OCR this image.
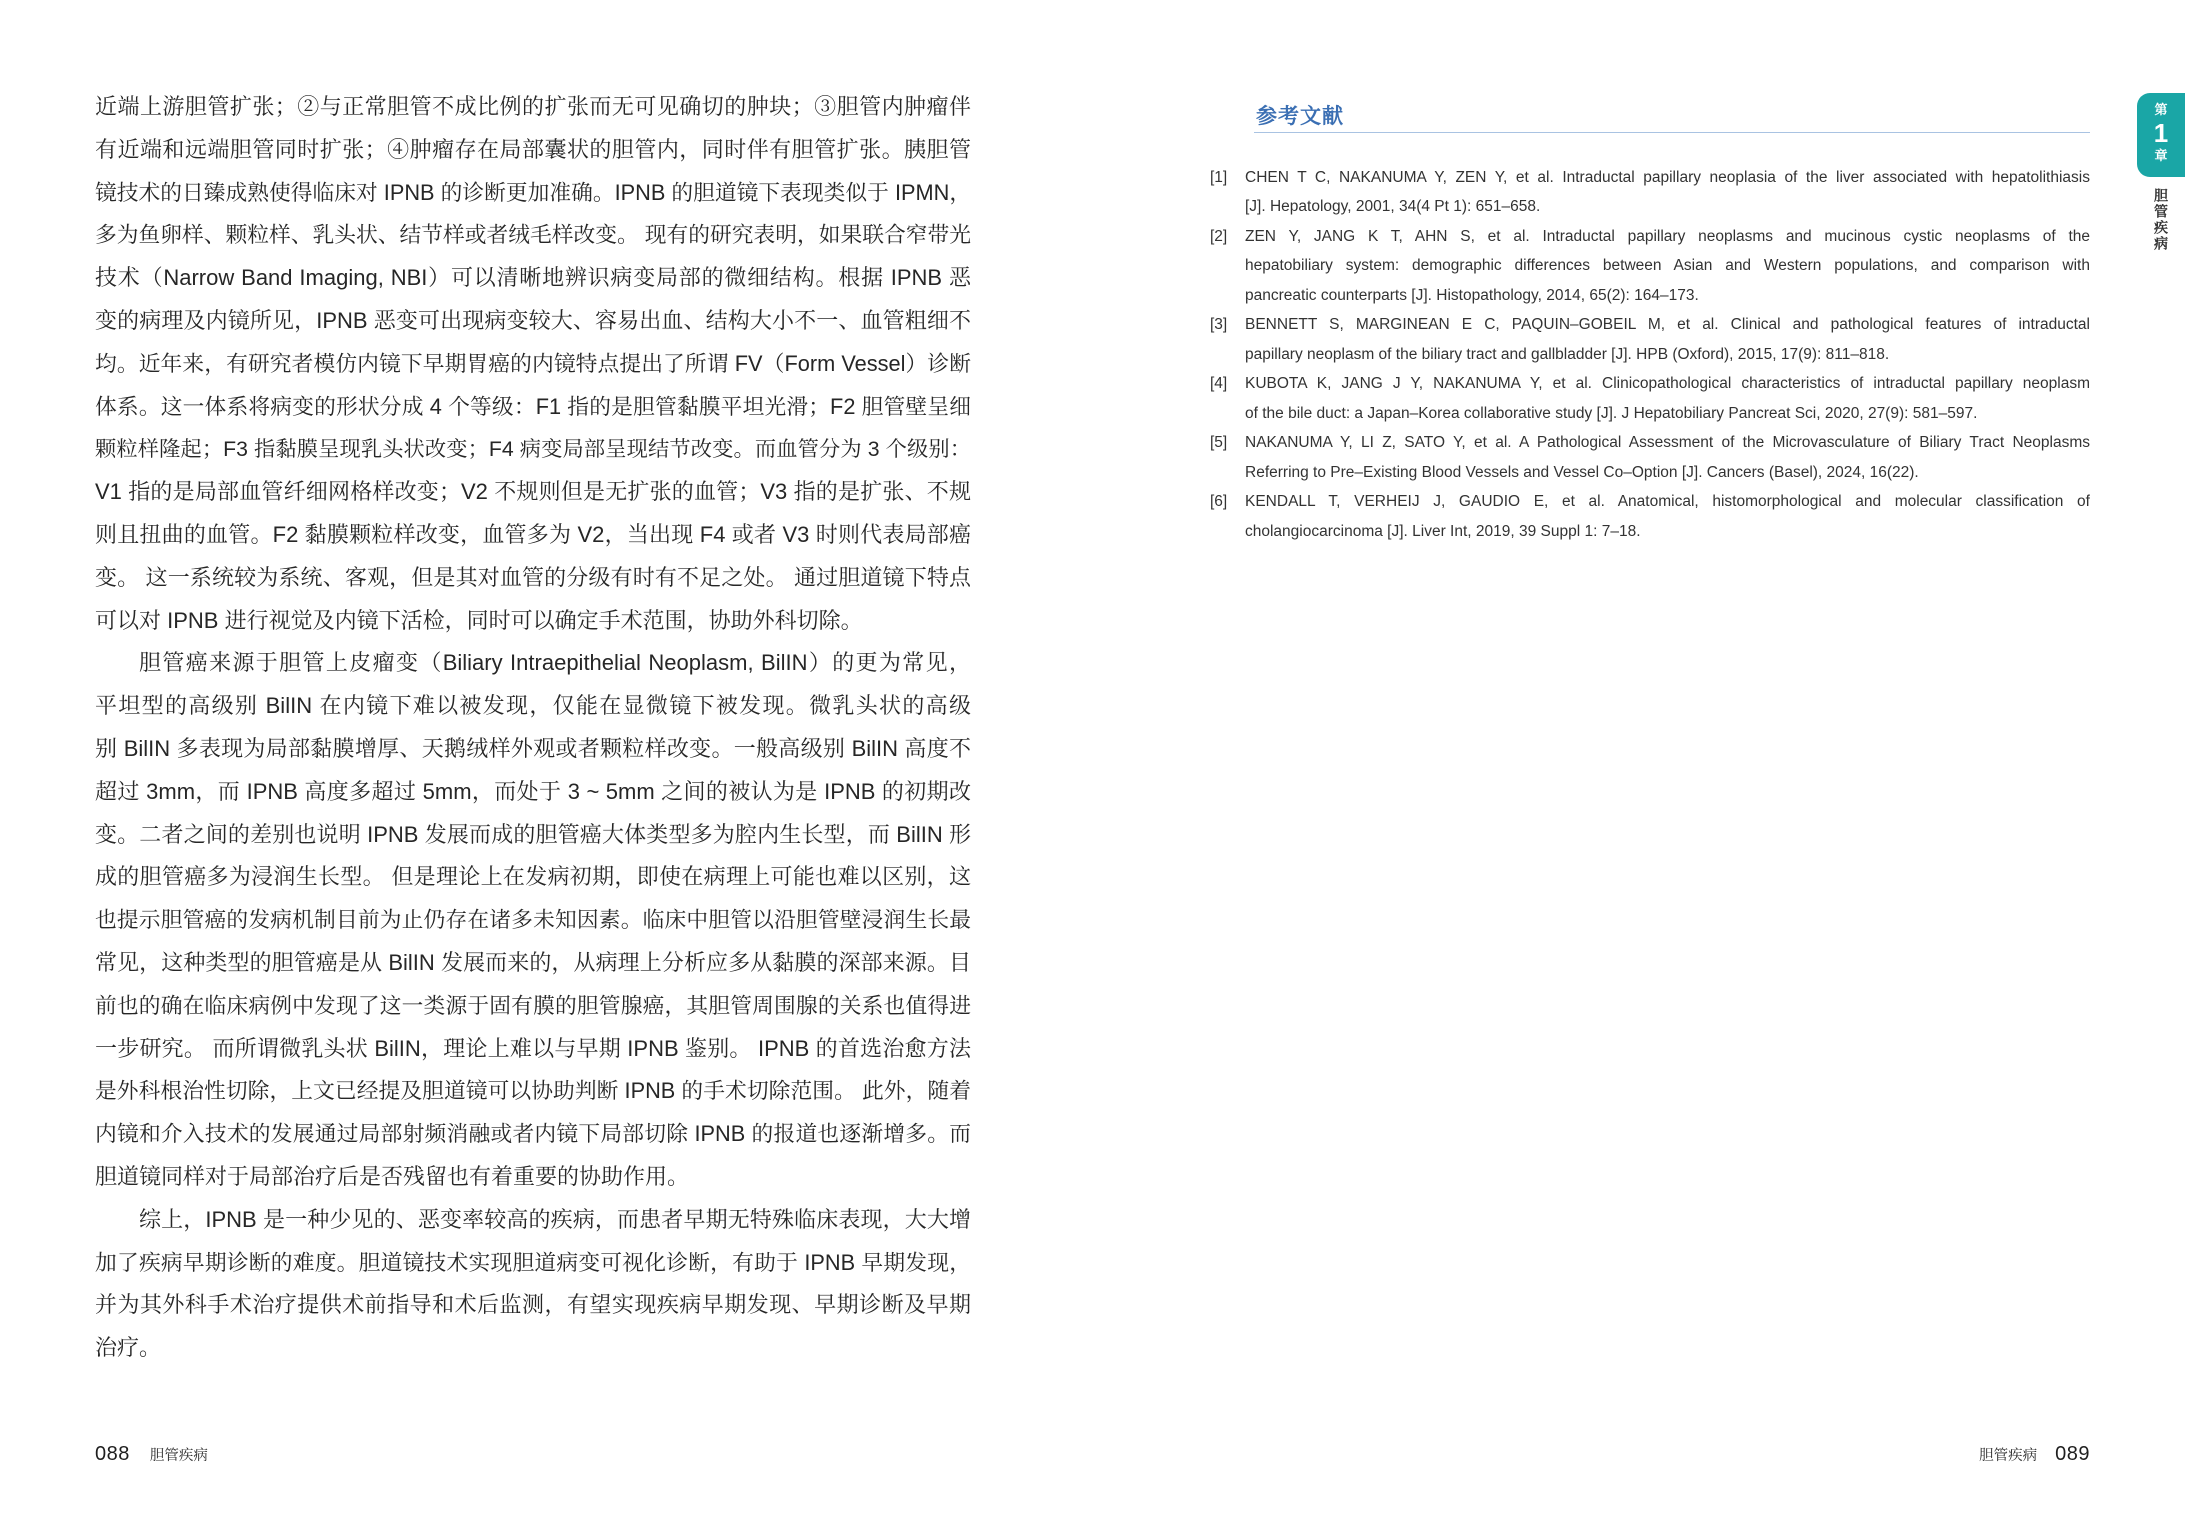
近端上游胆管扩张；②与正常胆管不成比例的扩张而无可见确切的肿块；③胆管内肿瘤伴
有近端和远端胆管同时扩张；④肿瘤存在局部囊状的胆管内，同时伴有胆管扩张。胰胆管
镜技术的日臻成熟使得临床对 IPNB 的诊断更加准确。IPNB 的胆道镜下表现类似于 IPMN，
多为鱼卵样、颗粒样、乳头状、结节样或者绒毛样改变。 现有的研究表明，如果联合窄带光
技术（Narrow Band Imaging, NBI）可以清晰地辨识病变局部的微细结构。根据 IPNB 恶
变的病理及内镜所见，IPNB 恶变可出现病变较大、容易出血、结构大小不一、血管粗细不
均。近年来，有研究者模仿内镜下早期胃癌的内镜特点提出了所谓 FV（Form Vessel）诊断
体系。这一体系将病变的形状分成 4 个等级：F1 指的是胆管黏膜平坦光滑；F2 胆管壁呈细
颗粒样隆起；F3 指黏膜呈现乳头状改变；F4 病变局部呈现结节改变。而血管分为 3 个级别：
V1 指的是局部血管纤细网格样改变；V2 不规则但是无扩张的血管；V3 指的是扩张、不规
则且扭曲的血管。F2 黏膜颗粒样改变，血管多为 V2，当出现 F4 或者 V3 时则代表局部癌
变。 这一系统较为系统、客观，但是其对血管的分级有时有不足之处。 通过胆道镜下特点
可以对 IPNB 进行视觉及内镜下活检，同时可以确定手术范围，协助外科切除。
胆管癌来源于胆管上皮瘤变（Biliary Intraepithelial Neoplasm, BilIN）的更为常见，
平坦型的高级别 BilIN 在内镜下难以被发现，仅能在显微镜下被发现。微乳头状的高级
别 BilIN 多表现为局部黏膜增厚、天鹅绒样外观或者颗粒样改变。一般高级别 BilIN 高度不
超过 3mm，而 IPNB 高度多超过 5mm，而处于 3 ~ 5mm 之间的被认为是 IPNB 的初期改
变。二者之间的差别也说明 IPNB 发展而成的胆管癌大体类型多为腔内生长型，而 BilIN 形
成的胆管癌多为浸润生长型。 但是理论上在发病初期，即使在病理上可能也难以区别，这
也提示胆管癌的发病机制目前为止仍存在诸多未知因素。临床中胆管以沿胆管壁浸润生长最
常见，这种类型的胆管癌是从 BilIN 发展而来的，从病理上分析应多从黏膜的深部来源。目
前也的确在临床病例中发现了这一类源于固有膜的胆管腺癌，其胆管周围腺的关系也值得进
一步研究。 而所谓微乳头状 BilIN，理论上难以与早期 IPNB 鉴别。 IPNB 的首选治愈方法
是外科根治性切除，上文已经提及胆道镜可以协助判断 IPNB 的手术切除范围。 此外，随着
内镜和介入技术的发展通过局部射频消融或者内镜下局部切除 IPNB 的报道也逐渐增多。而
胆道镜同样对于局部治疗后是否残留也有着重要的协助作用。
综上，IPNB 是一种少见的、恶变率较高的疾病，而患者早期无特殊临床表现，大大增
加了疾病早期诊断的难度。胆道镜技术实现胆道病变可视化诊断，有助于 IPNB 早期发现，
并为其外科手术治疗提供术前指导和术后监测，有望实现疾病早期发现、早期诊断及早期
治疗。
088 胆管疾病
参考文献
[1]	CHEN T C, NAKANUMA Y, ZEN Y, et al. Intraductal papillary neoplasia of the liver associated with hepatolithiasis
[J]. Hepatology, 2001, 34(4 Pt 1): 651–658.
[2]	ZEN Y, JANG K T, AHN S, et al. Intraductal papillary neoplasms and mucinous cystic neoplasms of the
hepatobiliary system: demographic differences between Asian and Western populations, and comparison with
pancreatic counterparts [J]. Histopathology, 2014, 65(2): 164–173.
[3]	BENNETT S, MARGINEAN E C, PAQUIN–GOBEIL M, et al. Clinical and pathological features of intraductal
papillary neoplasm of the biliary tract and gallbladder [J]. HPB (Oxford), 2015, 17(9): 811–818.
[4]	KUBOTA K, JANG J Y, NAKANUMA Y, et al. Clinicopathological characteristics of intraductal papillary neoplasm
of the bile duct: a Japan–Korea collaborative study [J]. J Hepatobiliary Pancreat Sci, 2020, 27(9): 581–597.
[5]	NAKANUMA Y, LI Z, SATO Y, et al. A Pathological Assessment of the Microvasculature of Biliary Tract Neoplasms
Referring to Pre–Existing Blood Vessels and Vessel Co–Option [J]. Cancers (Basel), 2024, 16(22).
[6]	KENDALL T, VERHEIJ J, GAUDIO E, et al. Anatomical, histomorphological and molecular classification of
cholangiocarcinoma [J]. Liver Int, 2019, 39 Suppl 1: 7–18.
第
1
章
胆管疾病
胆管疾病 089
